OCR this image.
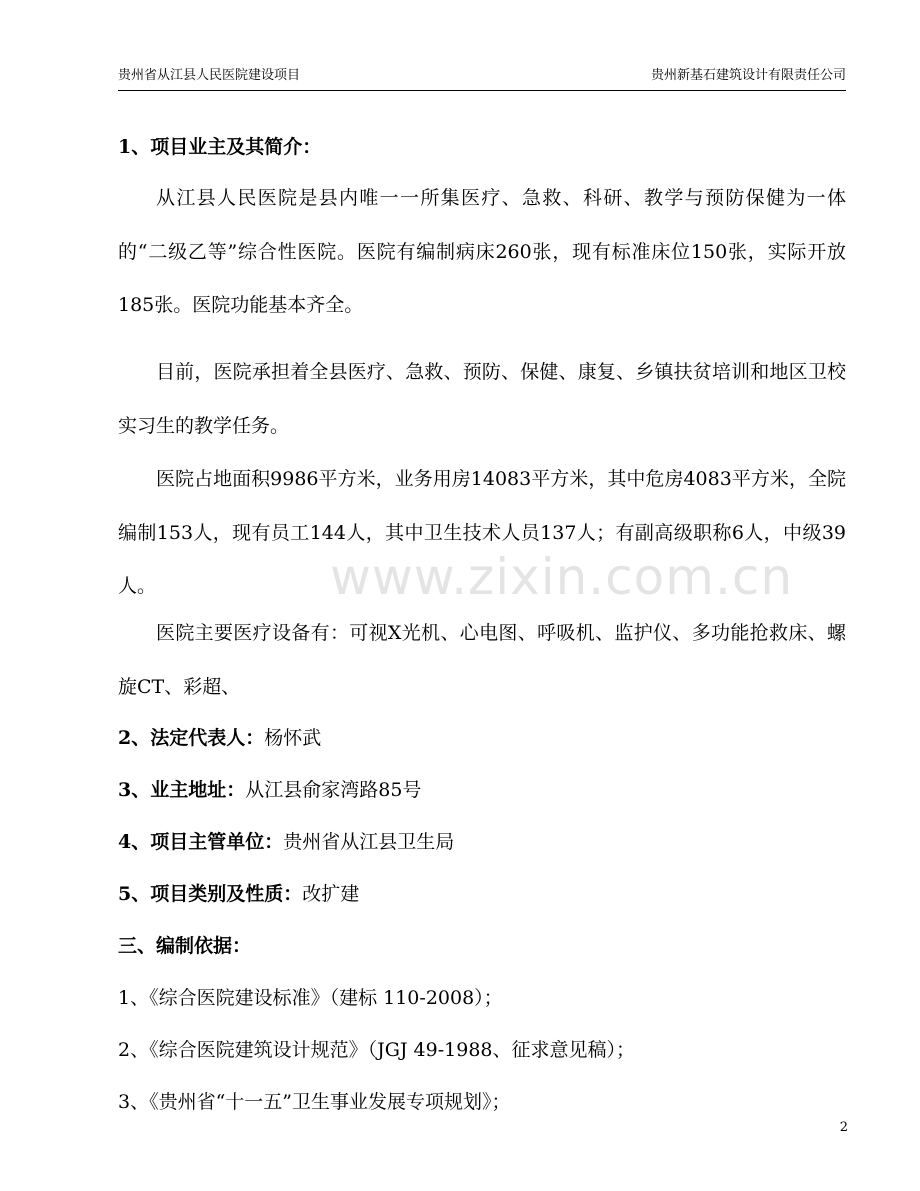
贵州省从江县人民医院建设项目	贵州新基石建筑设计有限责任公司
www.zixin.com.cn
1、项目业主及其简介：
从江县人民医院是县内唯一一所集医疗、急救、科研、教学与预防保健为一体的“二级乙等”综合性医院。医院有编制病床260张，现有标准床位150张，实际开放185张。医院功能基本齐全。
目前，医院承担着全县医疗、急救、预防、保健、康复、乡镇扶贫培训和地区卫校实习生的教学任务。
医院占地面积9986平方米，业务用房14083平方米，其中危房4083平方米，全院编制153人，现有员工144人，其中卫生技术人员137人；有副高级职称6人，中级39人。
医院主要医疗设备有：可视X光机、心电图、呼吸机、监护仪、多功能抢救床、螺旋CT、彩超、
2、法定代表人：杨怀武
3、业主地址：从江县俞家湾路85号
4、项目主管单位：贵州省从江县卫生局
5、项目类别及性质：改扩建
三、编制依据：
1、《综合医院建设标准》（建标 110-2008）；
2、《综合医院建筑设计规范》（JGJ 49-1988、征求意见稿）；
3、《贵州省“十一五”卫生事业发展专项规划》；
2
